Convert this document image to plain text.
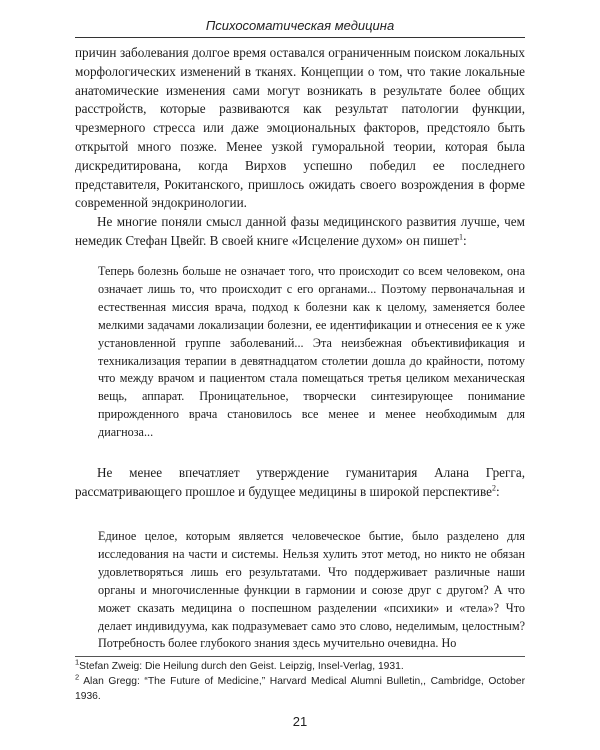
Психосоматическая медицина

причин заболевания долгое время оставался ограниченным поиском локальных морфологических изменений в тканях. Концепции о том, что такие локальные анатомические изменения сами могут возникать в результате более общих расстройств, которые развиваются как результат патологии функции, чрезмерного стресса или даже эмоциональных факторов, предстояло быть открытой много позже. Менее узкой гуморальной теории, которая была дискредитирована, когда Вирхов успешно победил ее последнего представителя, Рокитанского, пришлось ожидать своего возрождения в форме современной эндокринологии.

Не многие поняли смысл данной фазы медицинского развития лучше, чем немедик Стефан Цвейг. В своей книге «Исцеление духом» он пишет$^1$:

Теперь болезнь больше не означает того, что происходит со всем человеком, она означает лишь то, что происходит с его органами... Поэтому первоначальная и естественная миссия врача, подход к болезни как к целому, заменяется более мелкими задачами локализации болезни, ее идентификации и отнесения ее к уже установленной группе заболеваний... Эта неизбежная объективификация и техникализация терапии в девятнадцатом столетии дошла до крайности, потому что между врачом и пациентом стала помещаться третья целиком механическая вещь, аппарат. Проницательное, творчески синтезирующее понимание прирожденного врача становилось все менее и менее необходимым для диагноза...

Не менее впечатляет утверждение гуманитария Алана Грегга, рассматривающего прошлое и будущее медицины в широкой перспективе$^2$:

Единое целое, которым является человеческое бытие, было разделено для исследования на части и системы. Нельзя хулить этот метод, но никто не обязан удовлетворяться лишь его результатами. Что поддерживает различные наши органы и многочисленные функции в гармонии и союзе друг с другом? А что может сказать медицина о поспешном разделении «психики» и «тела»? Что делает индивидуума, как подразумевает само это слово, неделимым, целостным? Потребность более глубокого знания здесь мучительно очевидна. Но

$^1$Stefan Zweig: Die Heilung durch den Geist. Leipzig, Insel-Verlag, 1931.

$^2$ Alan Gregg: “The Future of Medicine,” Harvard Medical Alumni Bulletin,, Cambridge, October 1936.

21
